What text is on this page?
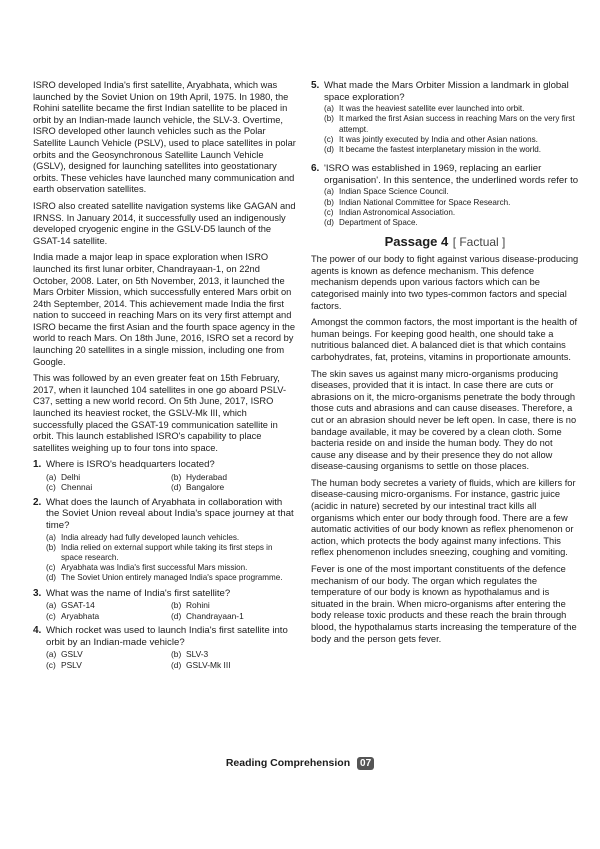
ISRO developed India's first satellite, Aryabhata, which was launched by the Soviet Union on 19th April, 1975. In 1980, the Rohini satellite became the first Indian satellite to be placed in orbit by an Indian-made launch vehicle, the SLV-3. Overtime, ISRO developed other launch vehicles such as the Polar Satellite Launch Vehicle (PSLV), used to place satellites in polar orbits and the Geosynchronous Satellite Launch Vehicle (GSLV), designed for launching satellites into geostationary orbits. These vehicles have launched many communication and earth observation satellites.

ISRO also created satellite navigation systems like GAGAN and IRNSS. In January 2014, it successfully used an indigenously developed cryogenic engine in the GSLV-D5 launch of the GSAT-14 satellite.

India made a major leap in space exploration when ISRO launched its first lunar orbiter, Chandrayaan-1, on 22nd October, 2008. Later, on 5th November, 2013, it launched the Mars Orbiter Mission, which successfully entered Mars orbit on 24th September, 2014. This achievement made India the first nation to succeed in reaching Mars on its very first attempt and ISRO became the first Asian and the fourth space agency in the world to reach Mars. On 18th June, 2016, ISRO set a record by launching 20 satellites in a single mission, including one from Google.

This was followed by an even greater feat on 15th February, 2017, when it launched 104 satellites in one go aboard PSLV-C37, setting a new world record. On 5th June, 2017, ISRO launched its heaviest rocket, the GSLV-Mk III, which successfully placed the GSAT-19 communication satellite in orbit. This launch established ISRO's capability to place satellites weighing up to four tons into space.

1. Where is ISRO's headquarters located?
(a) Delhi	(b) Hyderabad
(c) Chennai	(d) Bangalore
2. What does the launch of Aryabhata in collaboration with the Soviet Union reveal about India's space journey at that time?
(a) India already had fully developed launch vehicles.
(b) India relied on external support while taking its first steps in space research.
(c) Aryabhata was India's first successful Mars mission.
(d) The Soviet Union entirely managed India's space programme.
3. What was the name of India's first satellite?
(a) GSAT-14	(b) Rohini
(c) Aryabhata	(d) Chandrayaan-1
4. Which rocket was used to launch India's first satellite into orbit by an Indian-made vehicle?
(a) GSLV	(b) SLV-3
(c) PSLV	(d) GSLV-Mk III
5. What made the Mars Orbiter Mission a landmark in global space exploration?
(a) It was the heaviest satellite ever launched into orbit.
(b) It marked the first Asian success in reaching Mars on the very first attempt.
(c) It was jointly executed by India and other Asian nations.
(d) It became the fastest interplanetary mission in the world.
6. 'ISRO was established in 1969, replacing an earlier organisation'. In this sentence, the underlined words refer to
(a) Indian Space Science Council.
(b) Indian National Committee for Space Research.
(c) Indian Astronomical Association.
(d) Department of Space.
Passage 4 [ Factual ]

The power of our body to fight against various disease-producing agents is known as defence mechanism. This defence mechanism depends upon various factors which can be categorised mainly into two types-common factors and special factors.

Amongst the common factors, the most important is the health of human beings. For keeping good health, one should take a nutritious balanced diet. A balanced diet is that which contains carbohydrates, fat, proteins, vitamins in proportionate amounts.

The skin saves us against many micro-organisms producing diseases, provided that it is intact. In case there are cuts or abrasions on it, the micro-organisms penetrate the body through those cuts and abrasions and can cause diseases. Therefore, a cut or an abrasion should never be left open. In case, there is no bandage available, it may be covered by a clean cloth. Some bacteria reside on and inside the human body. They do not cause any disease and by their presence they do not allow disease-causing organisms to settle on those places.

The human body secretes a variety of fluids, which are killers for disease-causing micro-organisms. For instance, gastric juice (acidic in nature) secreted by our intestinal tract kills all organisms which enter our body through food. There are a few automatic activities of our body known as reflex phenomenon or action, which protects the body against many infections. This reflex phenomenon includes sneezing, coughing and vomiting.

Fever is one of the most important constituents of the defence mechanism of our body. The organ which regulates the temperature of our body is known as hypothalamus and is situated in the brain. When micro-organisms after entering the body release toxic products and these reach the brain through blood, the hypothalamus starts increasing the temperature of the body and the person gets fever.

Reading Comprehension 07
